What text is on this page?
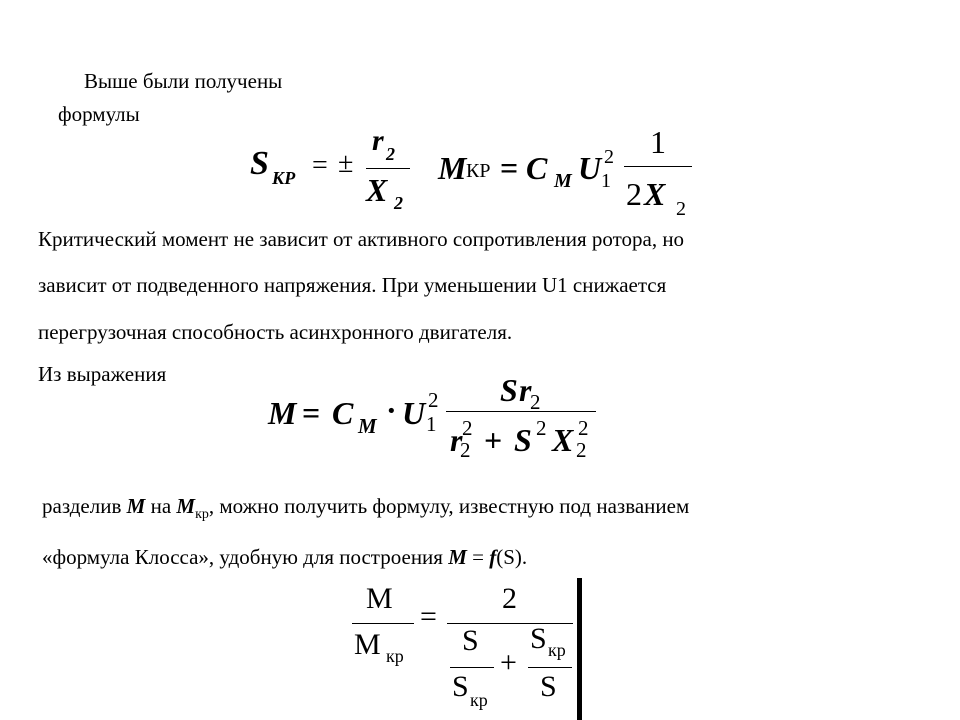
Выше были получены
формулы
S КР = ±
r 2
X 2
M КР = C M U 2
1
1
2 X 2
Критический момент не зависит от активного сопротивления ротора, но
зависит от подведенного напряжения. При уменьшении U1 снижается
перегрузочная способность асинхронного двигателя.
Из выражения
M = C M · U 2
1
S r
2
r 2
2 + S 2 X 2
2
разделив М на $М_{кр}$, можно получить формулу, известную под названием
«формула Клосса», удобную для построения М = f(S).
M
M кр
=
2
S
S кр
+
S кр
S
